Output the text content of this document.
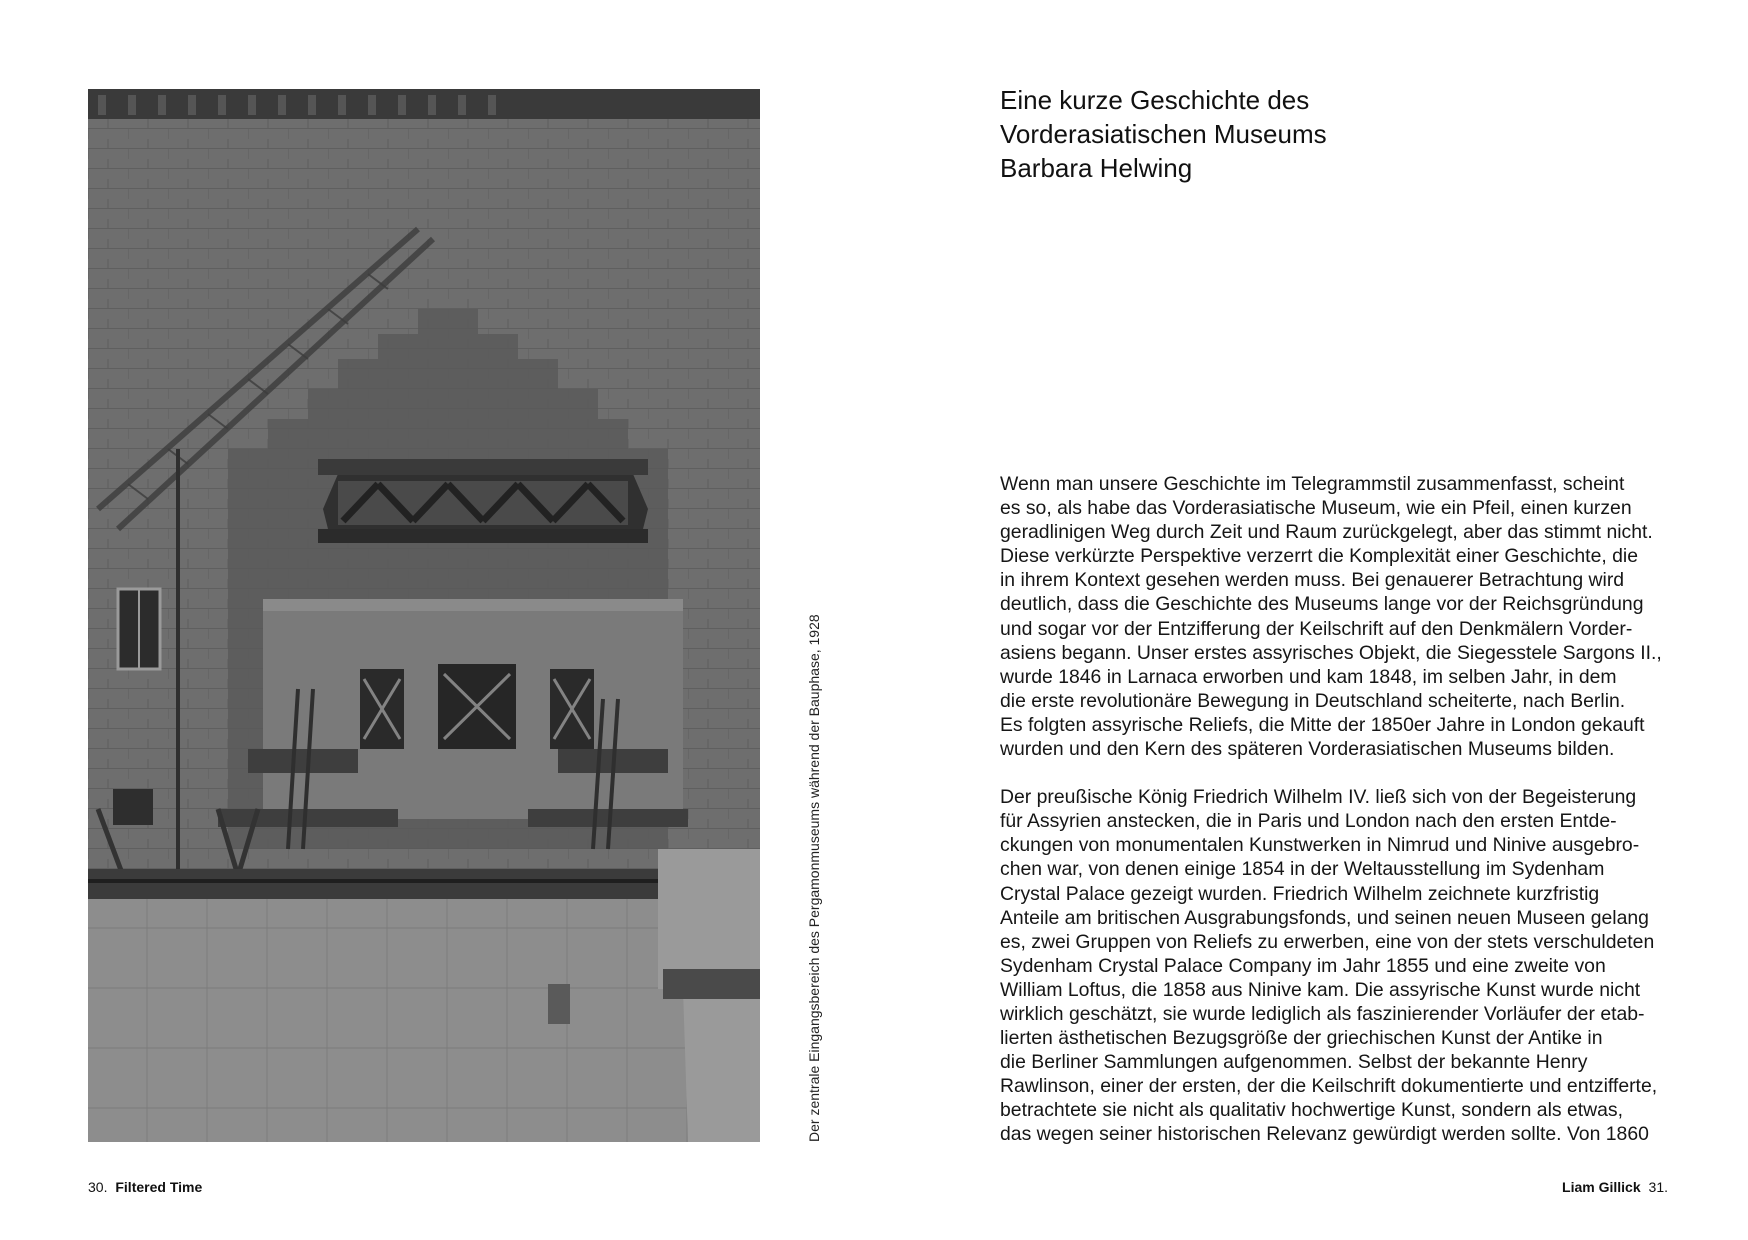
Der zentrale Eingangsbereich des Pergamonmuseums während der Bauphase, 1928
30. Filtered Time
Eine kurze Geschichte des
Vorderasiatischen Museums
Barbara Helwing

Wenn man unsere Geschichte im Telegrammstil zusammenfasst, scheint
es so, als habe das Vorderasiatische Museum, wie ein Pfeil, einen kurzen
geradlinigen Weg durch Zeit und Raum zurückgelegt, aber das stimmt nicht.
Diese verkürzte Perspektive verzerrt die Komplexität einer Geschichte, die
in ihrem Kontext gesehen werden muss. Bei genauerer Betrachtung wird
deutlich, dass die Geschichte des Museums lange vor der Reichsgründung
und sogar vor der Entzifferung der Keilschrift auf den Denkmälern Vorder-
asiens begann. Unser erstes assyrisches Objekt, die Siegesstele Sargons II.,
wurde 1846 in Larnaca erworben und kam 1848, im selben Jahr, in dem
die erste revolutionäre Bewegung in Deutschland scheiterte, nach Berlin.
Es folgten assyrische Reliefs, die Mitte der 1850er Jahre in London gekauft
wurden und den Kern des späteren Vorderasiatischen Museums bilden.

Der preußische König Friedrich Wilhelm IV. ließ sich von der Begeisterung
für Assyrien anstecken, die in Paris und London nach den ersten Entde-
ckungen von monumentalen Kunstwerken in Nimrud und Ninive ausgebro-
chen war, von denen einige 1854 in der Weltausstellung im Sydenham
Crystal Palace gezeigt wurden. Friedrich Wilhelm zeichnete kurzfristig
Anteile am britischen Ausgrabungsfonds, und seinen neuen Museen gelang
es, zwei Gruppen von Reliefs zu erwerben, eine von der stets verschuldeten
Sydenham Crystal Palace Company im Jahr 1855 und eine zweite von
William Loftus, die 1858 aus Ninive kam. Die assyrische Kunst wurde nicht
wirklich geschätzt, sie wurde lediglich als faszinierender Vorläufer der etab-
lierten ästhetischen Bezugsgröße der griechischen Kunst der Antike in
die Berliner Sammlungen aufgenommen. Selbst der bekannte Henry
Rawlinson, einer der ersten, der die Keilschrift dokumentierte und entzifferte,
betrachtete sie nicht als qualitativ hochwertige Kunst, sondern als etwas,
das wegen seiner historischen Relevanz gewürdigt werden sollte. Von 1860

Liam Gillick 31.
